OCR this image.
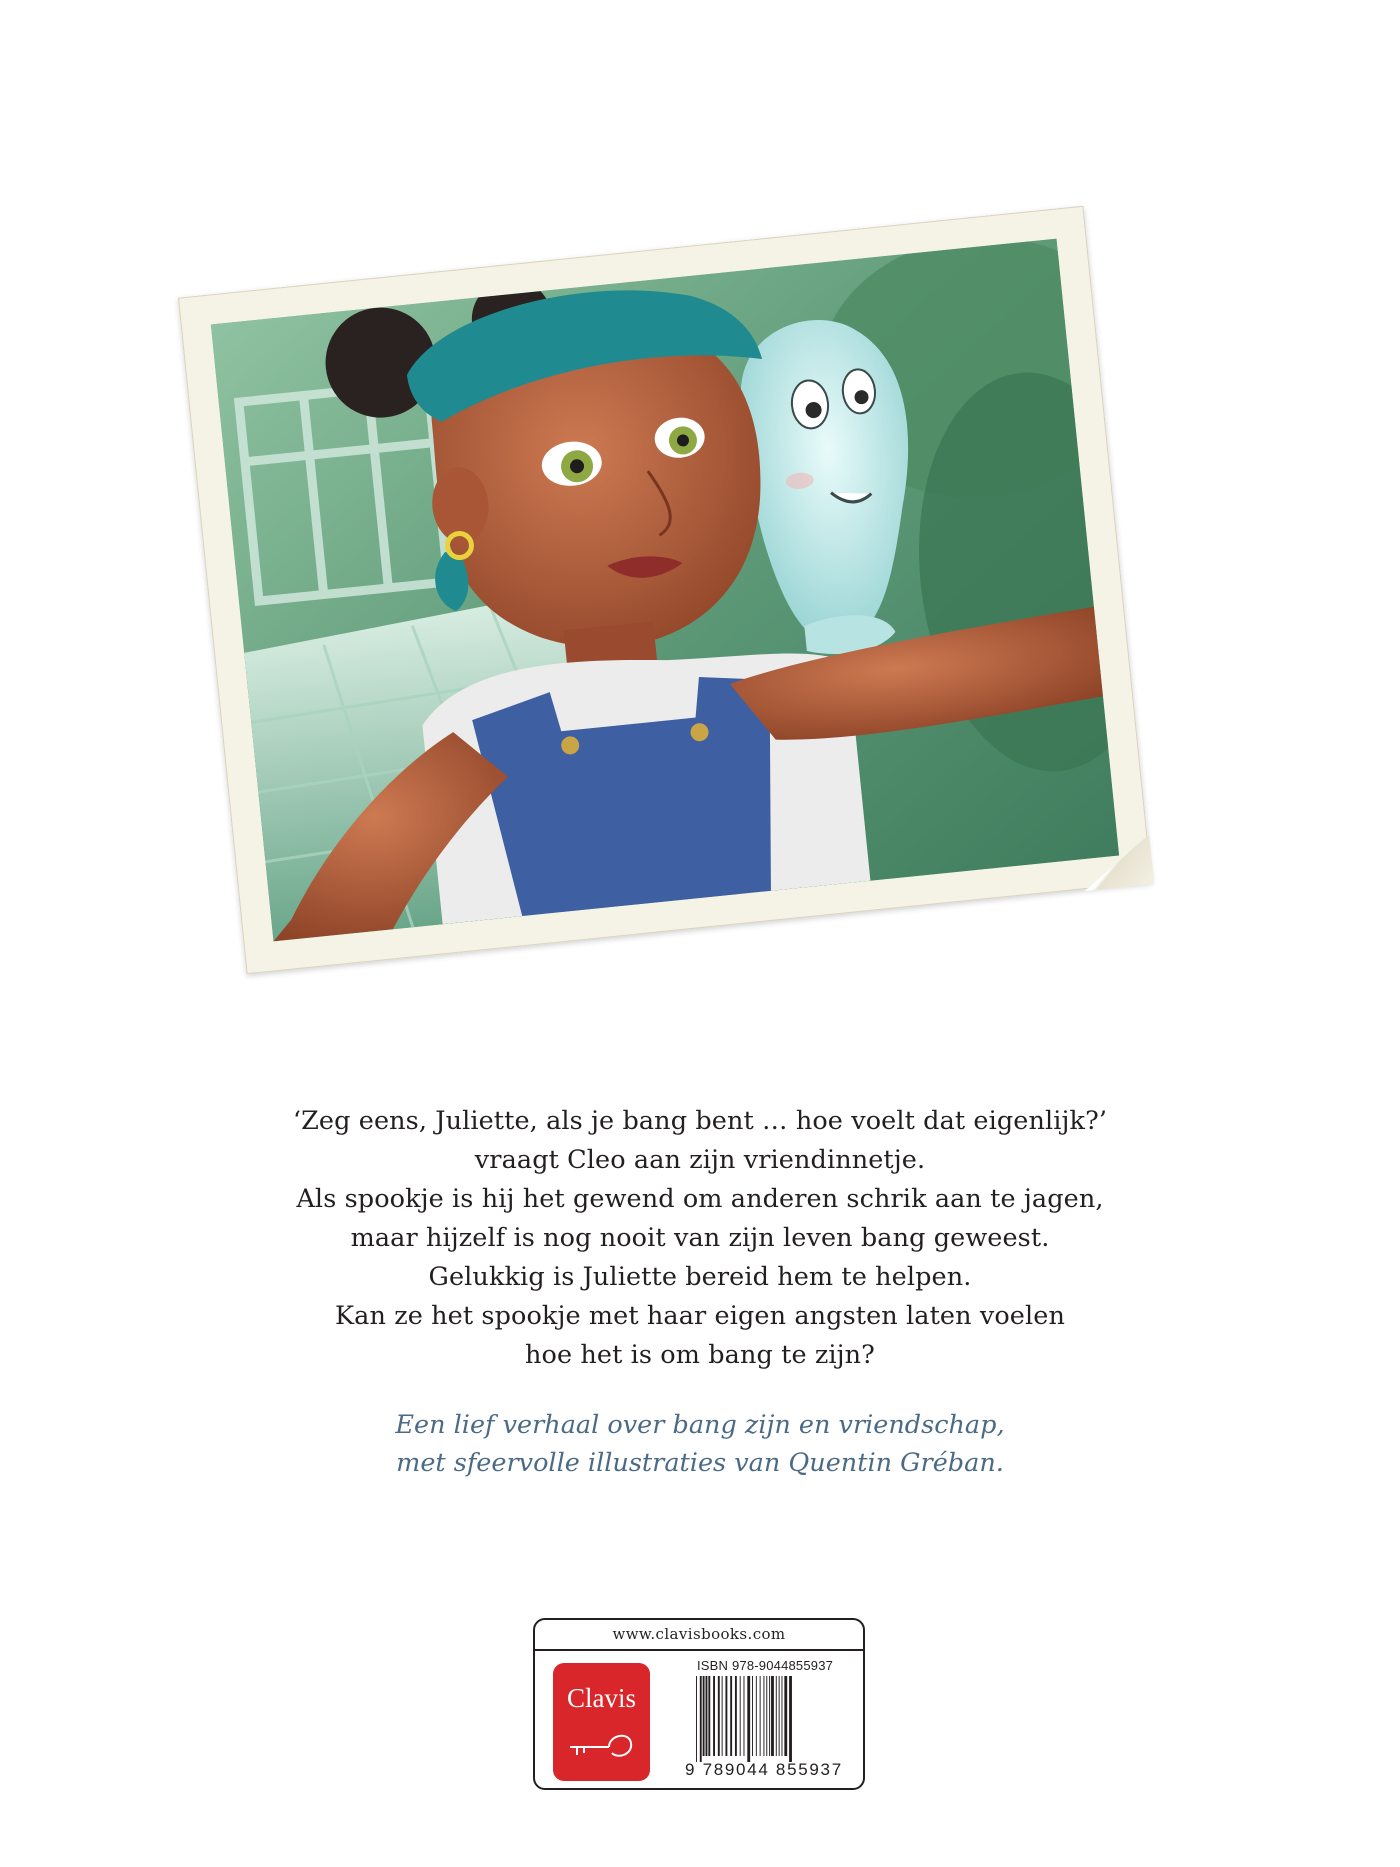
‘Zeg eens, Juliette, als je bang bent … hoe voelt dat eigenlijk?’

vraagt Cleo aan zijn vriendinnetje.

Als spookje is hij het gewend om anderen schrik aan te jagen,

maar hijzelf is nog nooit van zijn leven bang geweest.

Gelukkig is Juliette bereid hem te helpen.

Kan ze het spookje met haar eigen angsten laten voelen

hoe het is om bang te zijn?

Een lief verhaal over bang zijn en vriendschap,

met sfeervolle illustraties van Quentin Gréban.

www.clavisbooks.com
Clavis
ISBN 978-9044855937
9 789044 855937
